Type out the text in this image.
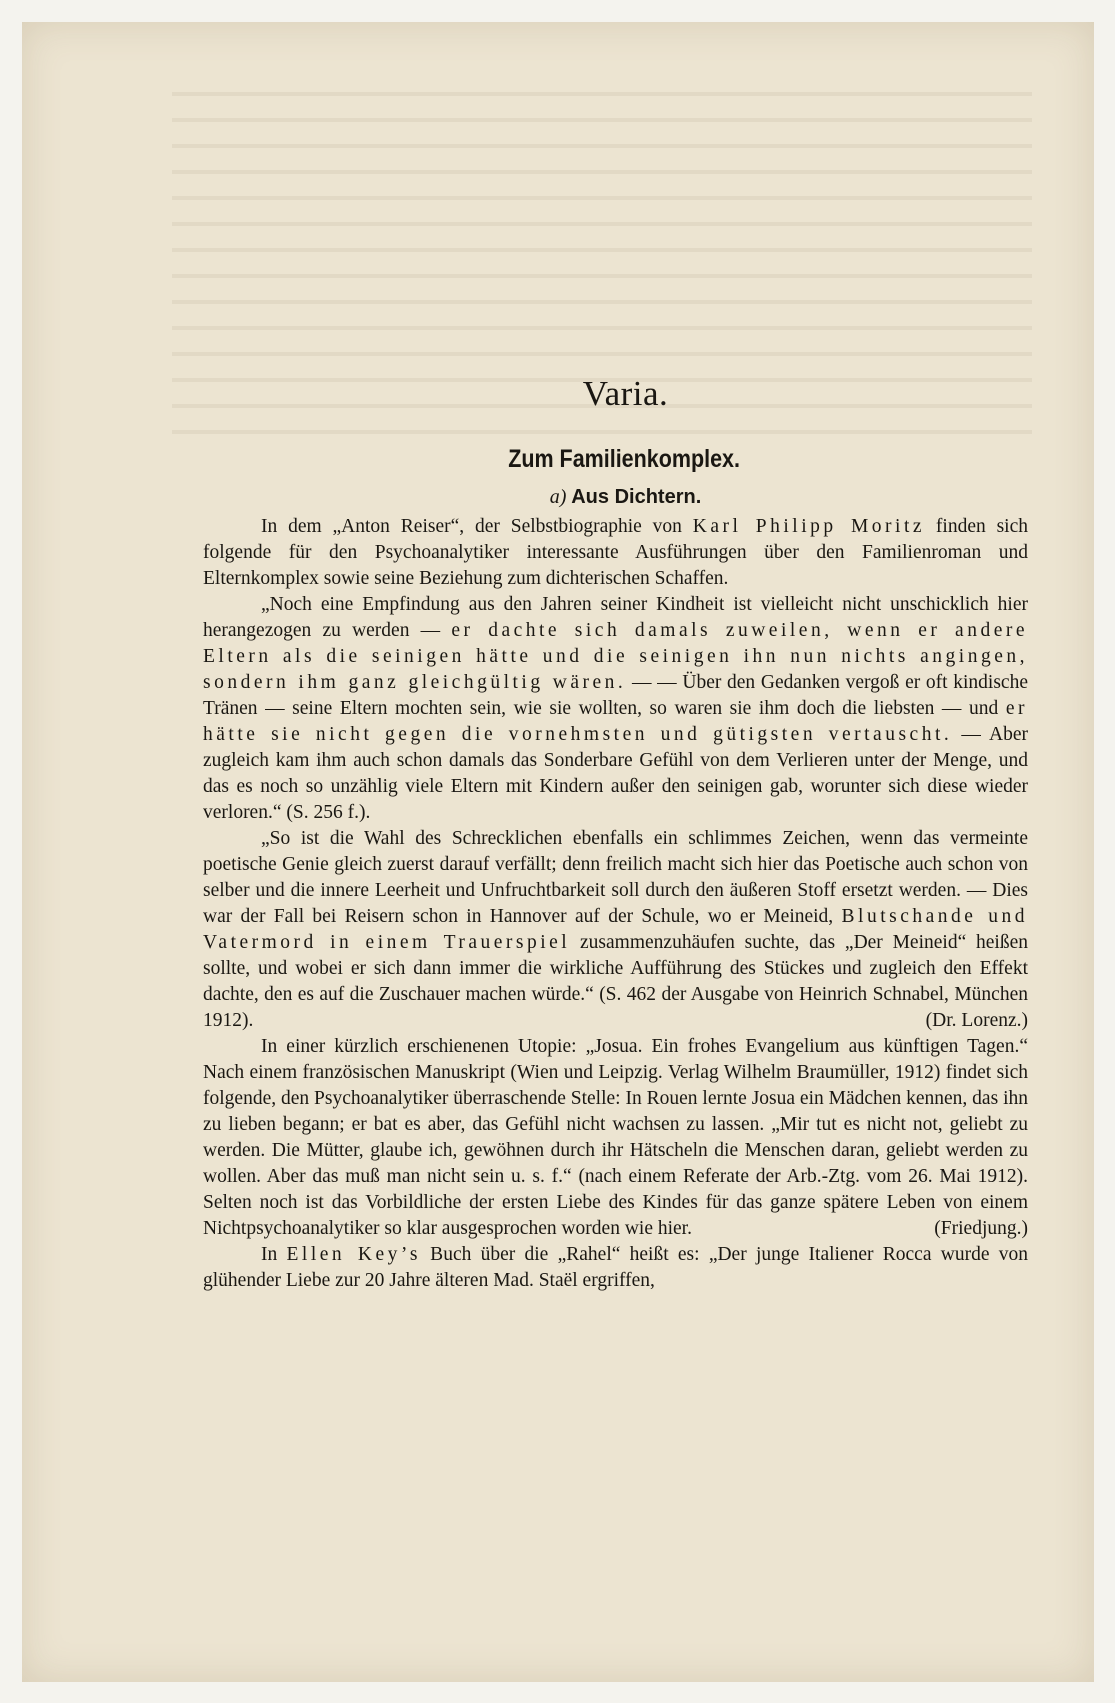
Varia.
Zum Familienkomplex.
a) Aus Dichtern.

In dem „Anton Reiser“, der Selbstbiographie von Karl Philipp Moritz finden sich folgende für den Psychoanalytiker interessante Ausführungen über den Familienroman und Elternkomplex sowie seine Beziehung zum dichterischen Schaffen.

„Noch eine Empfindung aus den Jahren seiner Kindheit ist vielleicht nicht unschicklich hier herangezogen zu werden — er dachte sich damals zuweilen, wenn er andere Eltern als die seinigen hätte und die seinigen ihn nun nichts angingen, sondern ihm ganz gleichgültig wären. — — Über den Gedanken vergoß er oft kindische Tränen — seine Eltern mochten sein, wie sie wollten, so waren sie ihm doch die liebsten — und er hätte sie nicht gegen die vornehmsten und gütigsten vertauscht. — Aber zugleich kam ihm auch schon damals das Sonderbare Gefühl von dem Verlieren unter der Menge, und das es noch so unzählig viele Eltern mit Kindern außer den seinigen gab, worunter sich diese wieder verloren.“ (S. 256 f.).

„So ist die Wahl des Schrecklichen ebenfalls ein schlimmes Zeichen, wenn das vermeinte poetische Genie gleich zuerst darauf verfällt; denn freilich macht sich hier das Poetische auch schon von selber und die innere Leerheit und Unfruchtbarkeit soll durch den äußeren Stoff ersetzt werden. — Dies war der Fall bei Reisern schon in Hannover auf der Schule, wo er Meineid, Blutschande und Vatermord in einem Trauerspiel zusammenzuhäufen suchte, das „Der Meineid“ heißen sollte, und wobei er sich dann immer die wirkliche Aufführung des Stückes und zugleich den Effekt dachte, den es auf die Zuschauer machen würde.“ (S. 462 der Ausgabe von Heinrich Schnabel, München 1912).	(Dr. Lorenz.)

In einer kürzlich erschienenen Utopie: „Josua. Ein frohes Evangelium aus künftigen Tagen.“ Nach einem französischen Manuskript (Wien und Leipzig. Verlag Wilhelm Braumüller, 1912) findet sich folgende, den Psychoanalytiker überraschende Stelle: In Rouen lernte Josua ein Mädchen kennen, das ihn zu lieben begann; er bat es aber, das Gefühl nicht wachsen zu lassen. „Mir tut es nicht not, geliebt zu werden. Die Mütter, glaube ich, gewöhnen durch ihr Hätscheln die Menschen daran, geliebt werden zu wollen. Aber das muß man nicht sein u. s. f.“ (nach einem Referate der Arb.-Ztg. vom 26. Mai 1912). Selten noch ist das Vorbildliche der ersten Liebe des Kindes für das ganze spätere Leben von einem Nichtpsychoanalytiker so klar ausgesprochen worden wie hier.	(Friedjung.)

In Ellen Key’s Buch über die „Rahel“ heißt es: „Der junge Italiener Rocca wurde von glühender Liebe zur 20 Jahre älteren Mad. Staël ergriffen,
